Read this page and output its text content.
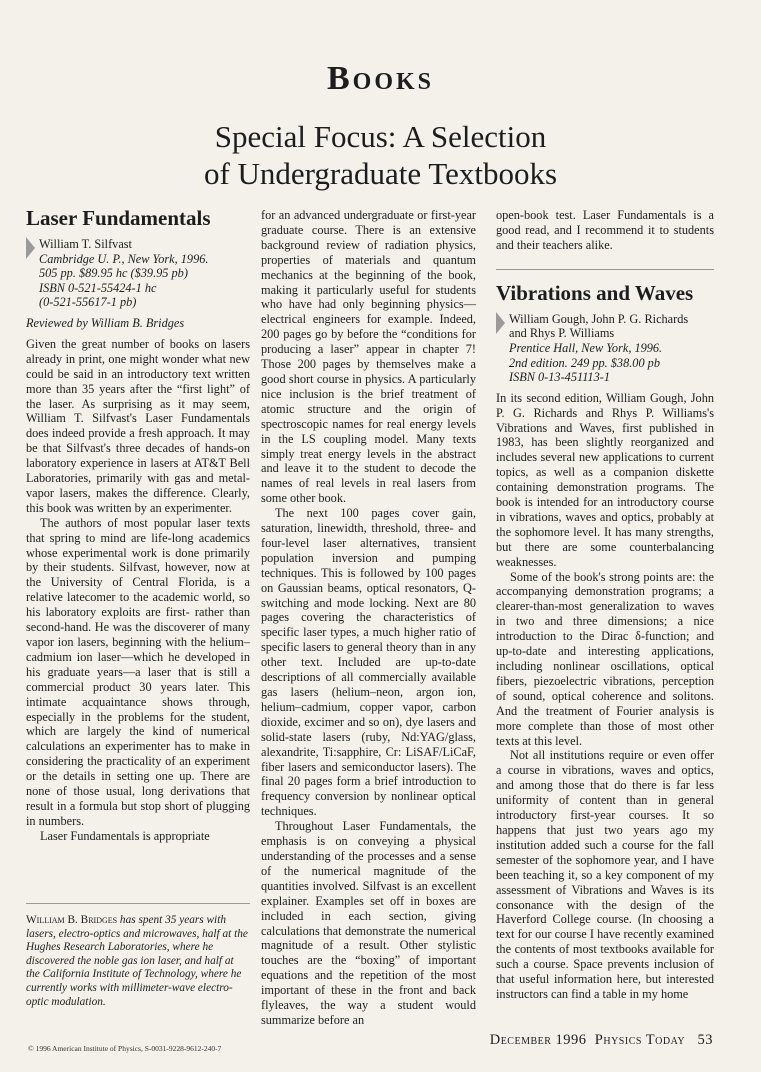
Books
Special Focus: A Selection
of Undergraduate Textbooks
Laser Fundamentals
William T. Silfvast
Cambridge U. P., New York, 1996.
505 pp. $89.95 hc ($39.95 pb)
ISBN 0-521-55424-1 hc
(0-521-55617-1 pb)
Reviewed by William B. Bridges

Given the great number of books on lasers already in print, one might wonder what new could be said in an introductory text written more than 35 years after the “first light” of the laser. As surprising as it may seem, William T. Silfvast's Laser Fundamentals does indeed provide a fresh approach. It may be that Silfvast's three decades of hands-on laboratory experience in lasers at AT&T Bell Laboratories, primarily with gas and metal-vapor lasers, makes the difference. Clearly, this book was written by an experimenter.

The authors of most popular laser texts that spring to mind are life-long academics whose experimental work is done primarily by their students. Silfvast, however, now at the University of Central Florida, is a relative latecomer to the academic world, so his laboratory exploits are first- rather than second-hand. He was the discoverer of many vapor ion lasers, beginning with the helium–cadmium ion laser—which he developed in his graduate years—a laser that is still a commercial product 30 years later. This intimate acquaintance shows through, especially in the problems for the student, which are largely the kind of numerical calculations an experimenter has to make in considering the practicality of an experiment or the details in setting one up. There are none of those usual, long derivations that result in a formula but stop short of plugging in numbers.

Laser Fundamentals is appropriate

William B. Bridges has spent 35 years with lasers, electro-optics and microwaves, half at the Hughes Research Laboratories, where he discovered the noble gas ion laser, and half at the California Institute of Technology, where he currently works with millimeter-wave electro-optic modulation.

for an advanced undergraduate or first-year graduate course. There is an extensive background review of radiation physics, properties of materials and quantum mechanics at the beginning of the book, making it particularly useful for students who have had only beginning physics—electrical engineers for example. Indeed, 200 pages go by before the “conditions for producing a laser” appear in chapter 7! Those 200 pages by themselves make a good short course in physics. A particularly nice inclusion is the brief treatment of atomic structure and the origin of spectroscopic names for real energy levels in the LS coupling model. Many texts simply treat energy levels in the abstract and leave it to the student to decode the names of real levels in real lasers from some other book.

The next 100 pages cover gain, saturation, linewidth, threshold, three- and four-level laser alternatives, transient population inversion and pumping techniques. This is followed by 100 pages on Gaussian beams, optical resonators, Q-switching and mode locking. Next are 80 pages covering the characteristics of specific laser types, a much higher ratio of specific lasers to general theory than in any other text. Included are up-to-date descriptions of all commercially available gas lasers (helium–neon, argon ion, helium–cadmium, copper vapor, carbon dioxide, excimer and so on), dye lasers and solid-state lasers (ruby, Nd:YAG/glass, alexandrite, Ti:sapphire, Cr: LiSAF/LiCaF, fiber lasers and semiconductor lasers). The final 20 pages form a brief introduction to frequency conversion by nonlinear optical techniques.

Throughout Laser Fundamentals, the emphasis is on conveying a physical understanding of the processes and a sense of the numerical magnitude of the quantities involved. Silfvast is an excellent explainer. Examples set off in boxes are included in each section, giving calculations that demonstrate the numerical magnitude of a result. Other stylistic touches are the “boxing” of important equations and the repetition of the most important of these in the front and back flyleaves, the way a student would summarize before an

open-book test. Laser Fundamentals is a good read, and I recommend it to students and their teachers alike.

Vibrations and Waves
William Gough, John P. G. Richards
and Rhys P. Williams
Prentice Hall, New York, 1996.
2nd edition. 249 pp. $38.00 pb
ISBN 0-13-451113-1

In its second edition, William Gough, John P. G. Richards and Rhys P. Williams's Vibrations and Waves, first published in 1983, has been slightly reorganized and includes several new applications to current topics, as well as a companion diskette containing demonstration programs. The book is intended for an introductory course in vibrations, waves and optics, probably at the sophomore level. It has many strengths, but there are some counterbalancing weaknesses.

Some of the book's strong points are: the accompanying demonstration programs; a clearer-than-most generalization to waves in two and three dimensions; a nice introduction to the Dirac δ-function; and up-to-date and interesting applications, including nonlinear oscillations, optical fibers, piezoelectric vibrations, perception of sound, optical coherence and solitons. And the treatment of Fourier analysis is more complete than those of most other texts at this level.

Not all institutions require or even offer a course in vibrations, waves and optics, and among those that do there is far less uniformity of content than in general introductory first-year courses. It so happens that just two years ago my institution added such a course for the fall semester of the sophomore year, and I have been teaching it, so a key component of my assessment of Vibrations and Waves is its consonance with the design of the Haverford College course. (In choosing a text for our course I have recently examined the contents of most textbooks available for such a course. Space prevents inclusion of that useful information here, but interested instructors can find a table in my home

© 1996 American Institute of Physics, S-0031-9228-9612-240-7
December 1996 Physics Today 53
